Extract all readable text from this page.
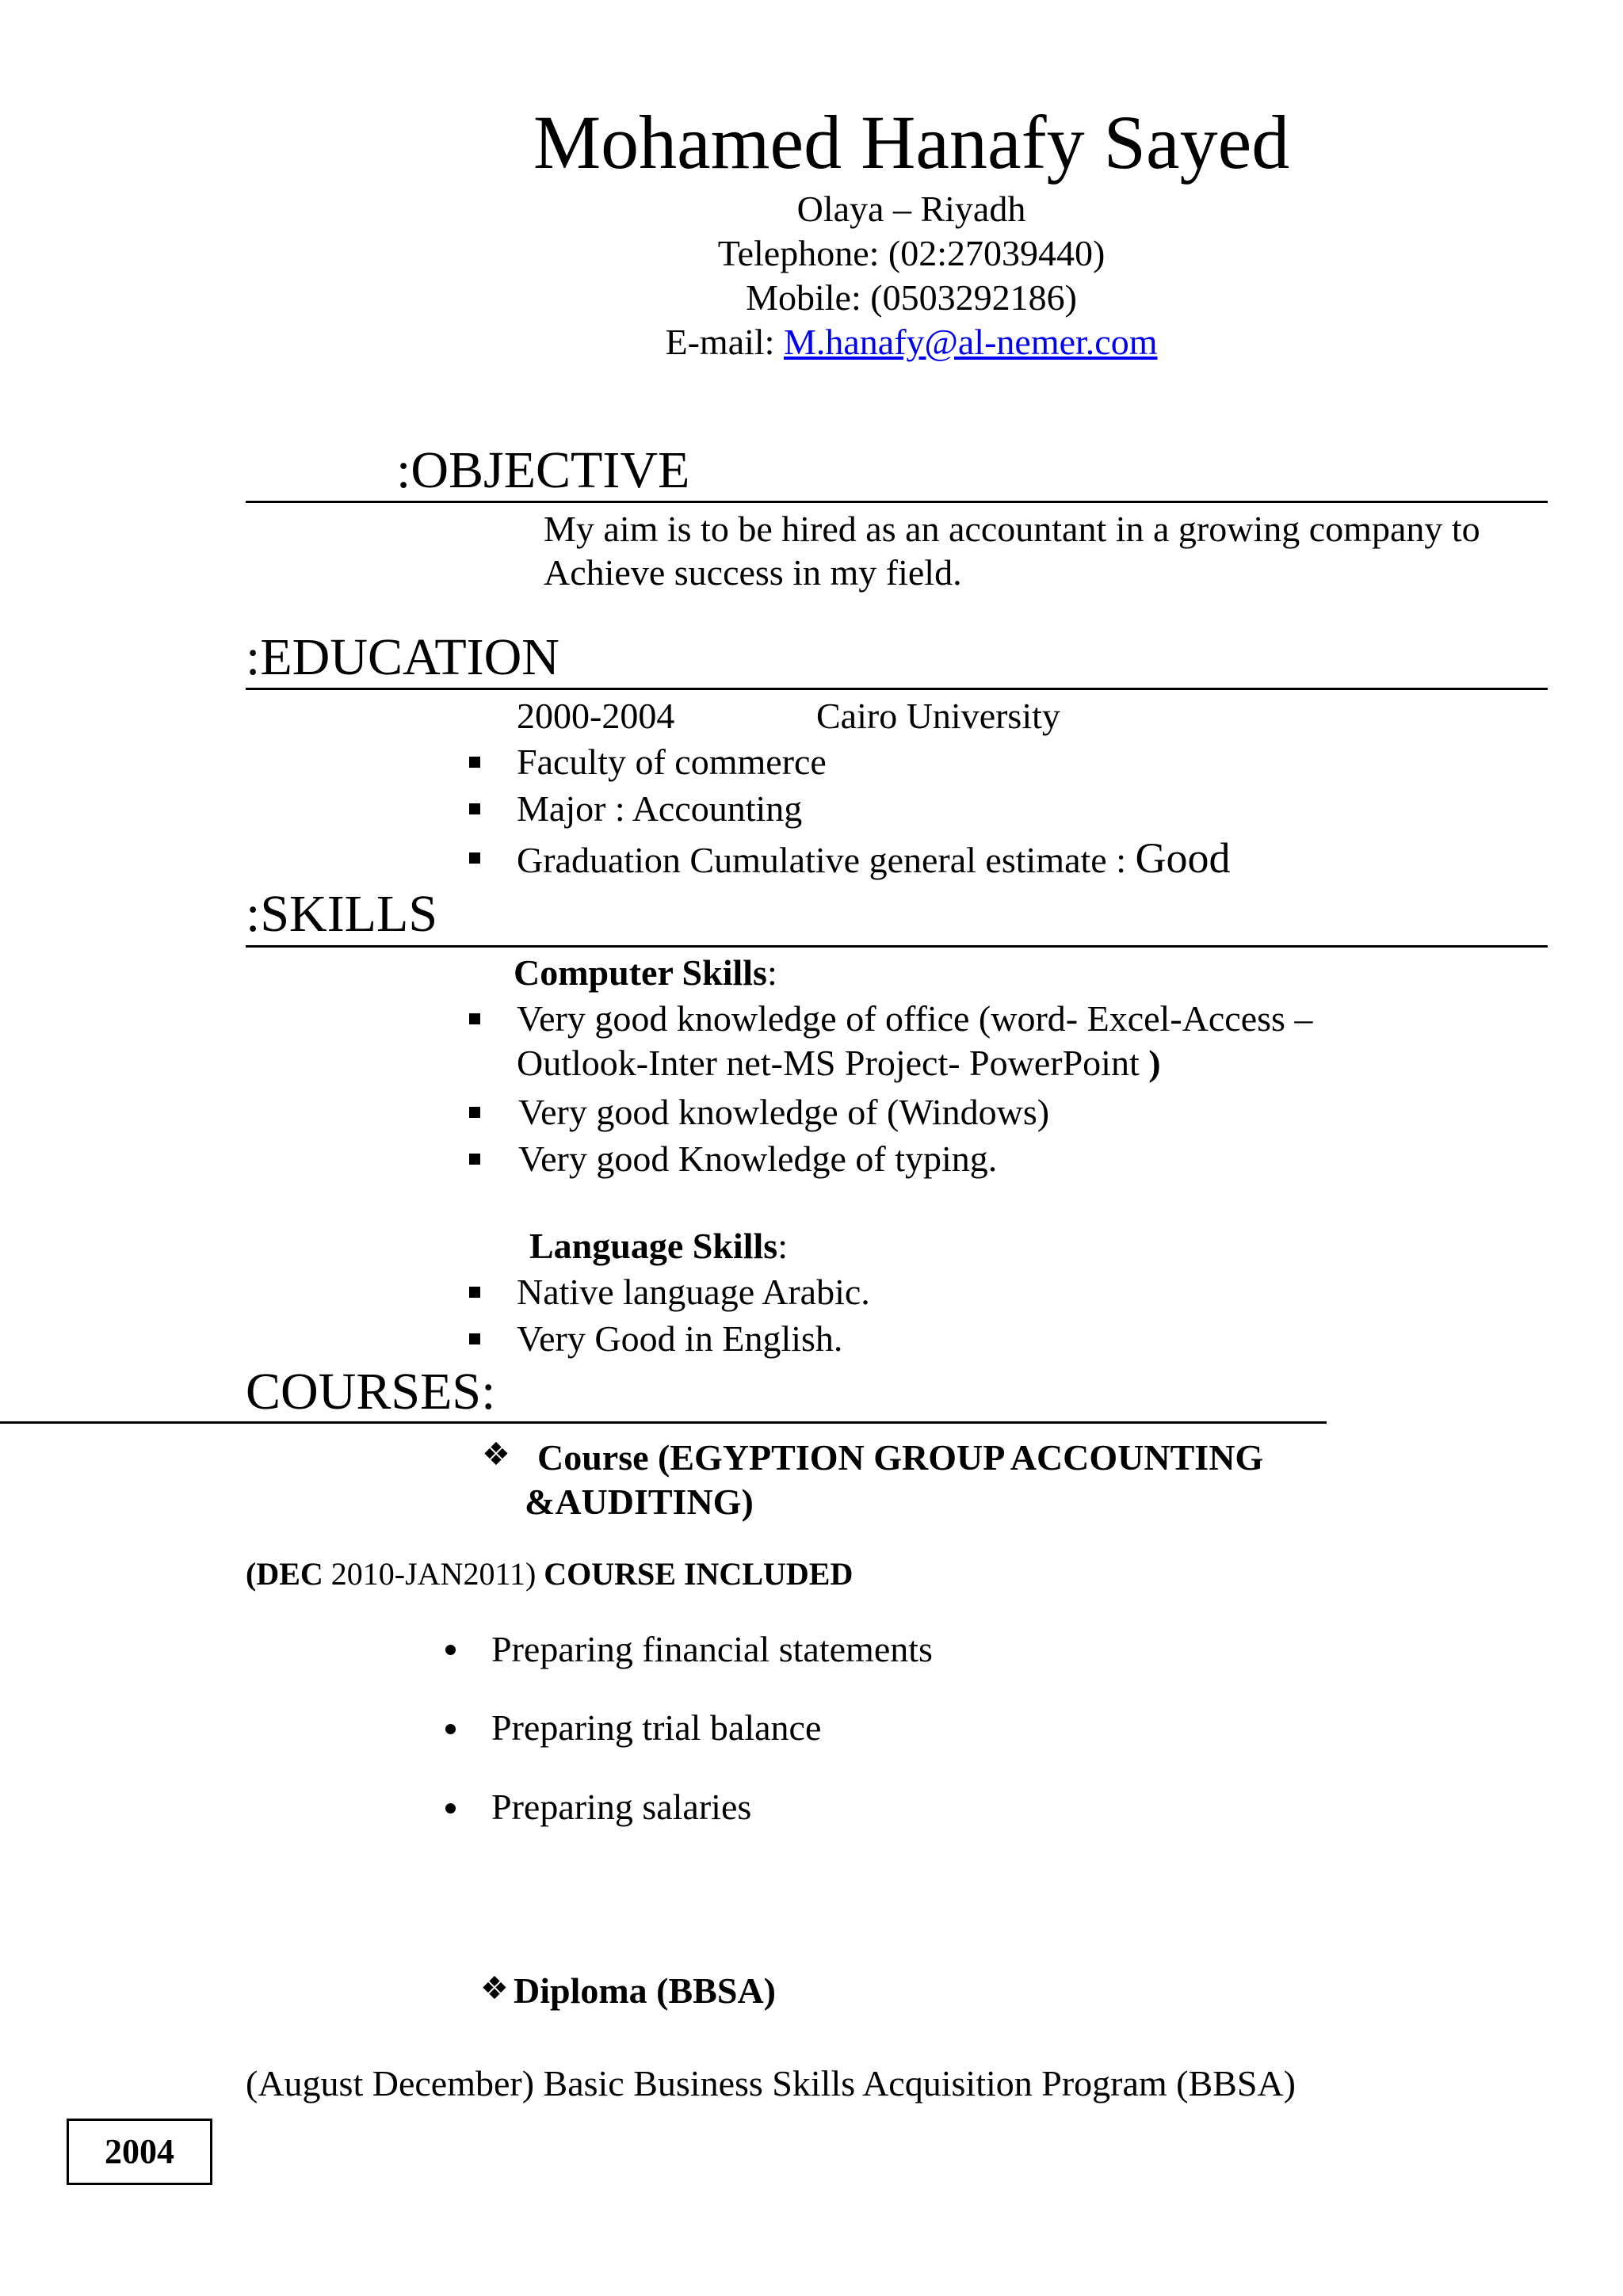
Mohamed Hanafy Sayed
Olaya – Riyadh
Telephone: (02:27039440)
Mobile: (0503292186)
E-mail: M.hanafy@al-nemer.com
:OBJECTIVE
My aim is to be hired as an accountant in a growing company to
Achieve success in my field.
:EDUCATION
2000-2004	Cairo University
Faculty of commerce
Major : Accounting
Graduation Cumulative general estimate : Good
:SKILLS
Computer Skills:
Very good knowledge of office (word- Excel-Access –
Outlook-Inter net-MS Project- PowerPoint )
Very good knowledge of (Windows)
Very good Knowledge of typing.
Language Skills:
Native language Arabic.
Very Good in English.
COURSES:
❖ Course (EGYPTION GROUP ACCOUNTING
&AUDITING)
(DEC 2010-JAN2011) COURSE INCLUDED
Preparing financial statements
Preparing trial balance
Preparing salaries
❖ Diploma (BBSA)
(August December) Basic Business Skills Acquisition Program (BBSA)
2004
